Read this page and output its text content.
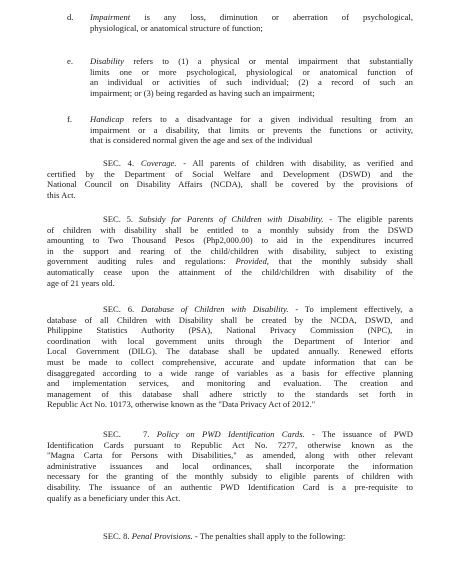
d. Impairment is any loss, diminution or aberration of psychological,
physiological, or anatomical structure of function;
e. Disability refers to (1) a physical or mental impairment that substantially
limits one or more psychological, physiological or anatomical function of
an individual or activities of such individual; (2) a record of such an
impairment; or (3) being regarded as having such an impairment;
f. Handicap refers to a disadvantage for a given individual resulting from an
impairment or a disability, that limits or prevents the functions or activity,
that is considered normal given the age and sex of the individual
SEC. 4. Coverage. - All parents of children with disability, as verified and
certified by the Department of Social Welfare and Development (DSWD) and the
National Council on Disability Affairs (NCDA), shall be covered by the provisions of
this Act.
SEC. 5. Subsidy for Parents of Children with Disability. - The eligible parents
of children with disability shall be entitled to a monthly subsidy from the DSWD
amounting to Two Thousand Pesos (Php2,000.00) to aid in the expenditures incurred
in the support and rearing of the child/children with disability, subject to existing
government auditing rules and regulations: Provided, that the monthly subsidy shall
automatically cease upon the attainment of the child/children with disability of the
age of 21 years old.
SEC. 6. Database of Children with Disability. - To implement effectively, a
database of all Children with Disability shall be created by the NCDA, DSWD, and
Philippine Statistics Authority (PSA), National Privacy Commission (NPC), in
coordination with local government units through the Department of Interior and
Local Government (DILG). The database shall be updated annually. Renewed efforts
must be made to collect comprehensive, accurate and update information that can be
disaggregated according to a wide range of variables as a basis for effective planning
and implementation services, and monitoring and evaluation. The creation and
management of this database shall adhere strictly to the standards set forth in
Republic Act No. 10173, otherwise known as the "Data Privacy Act of 2012."
SEC.   7. Policy on PWD Identification Cards. - The issuance of PWD
Identification Cards pursuant to Republic Act No. 7277, otherwise known as the
"Magna Carta for Persons with Disabilities," as amended, along with other relevant
administrative issuances and local ordinances, shall incorporate the information
necessary for the granting of the monthly subsidy to eligible parents of children with
disability. The issuance of an authentic PWD Identification Card is a pre-requisite to
qualify as a beneficiary under this Act.
SEC. 8. Penal Provisions. - The penalties shall apply to the following:
